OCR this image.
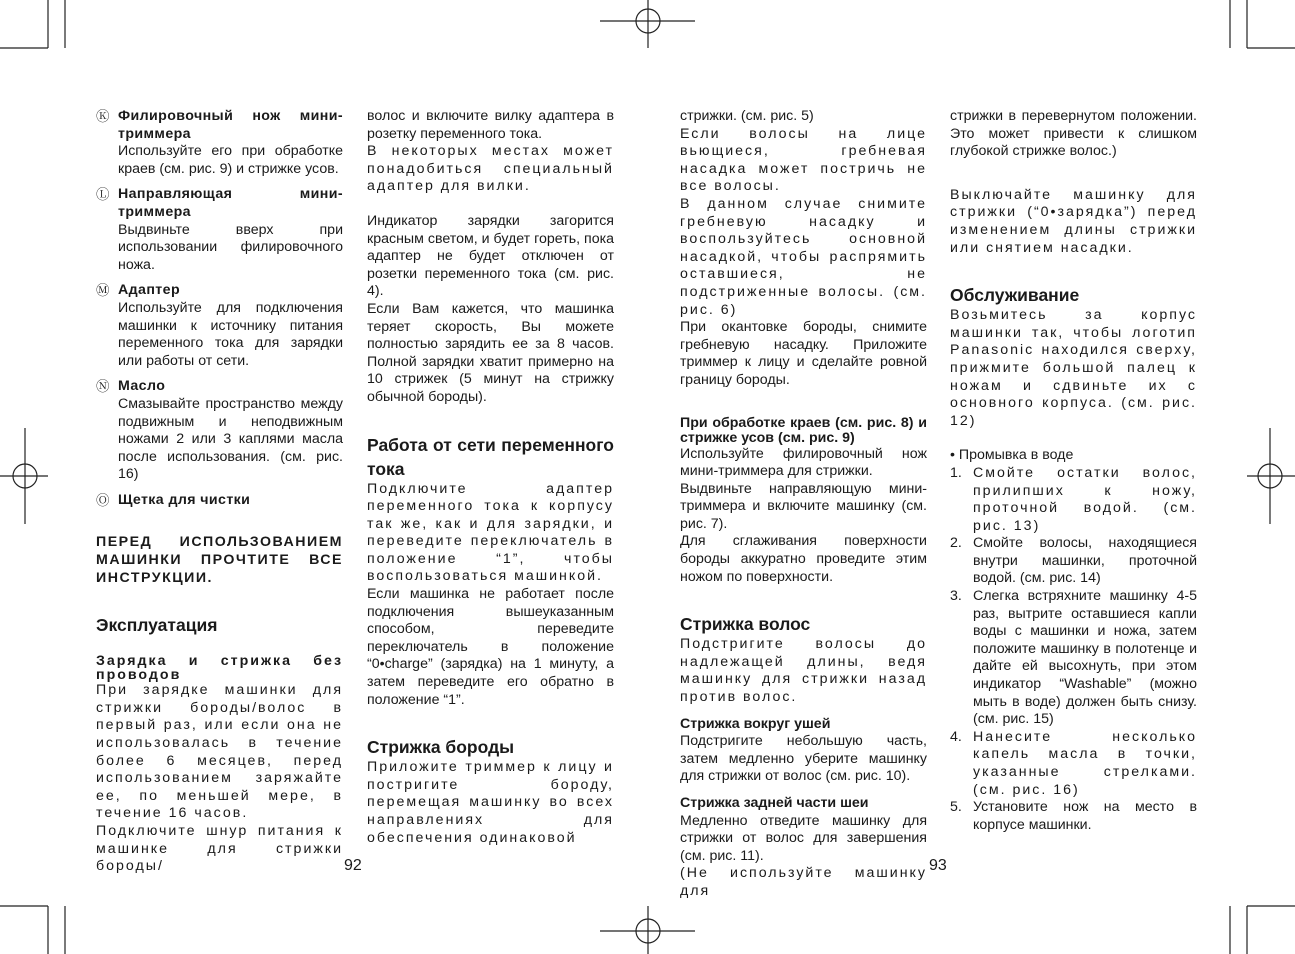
Ⓚ Филировочный нож мини-триммера

Используйте его при обработке краев (см. рис. 9) и стрижке усов.

Ⓛ Направляющая мини-триммера

Выдвиньте вверх при использовании филировочного ножа.

Ⓜ Адаптер

Используйте для подключения машинки к источнику питания переменного тока для зарядки или работы от сети.

Ⓝ Масло

Смазывайте пространство между подвижным и неподвижным ножами 2 или 3 каплями масла после использования. (см. рис. 16)

Ⓞ Щетка для чистки

ПЕРЕД ИСПОЛЬЗОВАНИЕМ МАШИНКИ ПРОЧТИТЕ ВСЕ ИНСТРУКЦИИ.

Эксплуатация

Зарядка и стрижка без проводов

При зарядке машинки для стрижки бороды/волос в первый раз, или если она не использовалась в течение более 6 месяцев, перед использованием заряжайте ее, по меньшей мере, в течение 16 часов.

Подключите шнур питания к машинке для стрижки бороды/

волос и включите вилку адаптера в розетку переменного тока.

В некоторых местах может понадобиться специальный адаптер для вилки.

Индикатор зарядки загорится красным светом, и будет гореть, пока адаптер не будет отключен от розетки переменного тока (см. рис. 4).

Если Вам кажется, что машинка теряет скорость, Вы можете полностью зарядить ее за 8 часов. Полной зарядки хватит примерно на 10 стрижек (5 минут на стрижку обычной бороды).

Работа от сети переменного тока

Подключите адаптер переменного тока к корпусу так же, как и для зарядки, и переведите переключатель в положение “1”, чтобы воспользоваться машинкой.

Если машинка не работает после подключения вышеуказанным способом, переведите переключатель в положение “0•charge” (зарядка) на 1 минуту, а затем переведите его обратно в положение “1”.

Стрижка бороды

Приложите триммер к лицу и постригите бороду, перемещая машинку во всех направлениях для обеспечения одинаковой

стрижки. (см. рис. 5)

Если волосы на лице вьющиеся, гребневая насадка может постричь не все волосы.

В данном случае снимите гребневую насадку и воспользуйтесь основной насадкой, чтобы распрямить оставшиеся, не подстриженные волосы. (см. рис. 6)

При окантовке бороды, снимите гребневую насадку. Приложите триммер к лицу и сделайте ровной границу бороды.

При обработке краев (см. рис. 8) и стрижке усов (см. рис. 9)

Используйте филировочный нож мини-триммера для стрижки.

Выдвиньте направляющую мини-триммера и включите машинку (см. рис. 7).

Для сглаживания поверхности бороды аккуратно проведите этим ножом по поверхности.

Стрижка волос

Подстригите волосы до надлежащей длины, ведя машинку для стрижки назад против волос.

Стрижка вокруг ушей

Подстригите небольшую часть, затем медленно уберите машинку для стрижки от волос (см. рис. 10).

Стрижка задней части шеи

Медленно отведите машинку для стрижки от волос для завершения (см. рис. 11).

(Не используйте машинку для

стрижки в перевернутом положении. Это может привести к слишком глубокой стрижке волос.)

Выключайте машинку для стрижки (“0•зарядка”) перед изменением длины стрижки или снятием насадки.

Обслуживание

Возьмитесь за корпус машинки так, чтобы логотип Panasonic находился сверху, прижмите большой палец к ножам и сдвиньте их с основного корпуса. (см. рис. 12)

• Промывка в воде

1. Смойте остатки волос, прилипших к ножу, проточной водой. (см. рис. 13)

2. Смойте волосы, находящиеся внутри машинки, проточной водой. (см. рис. 14)

3. Слегка встряхните машинку 4-5 раз, вытрите оставшиеся капли воды с машинки и ножа, затем положите машинку в полотенце и дайте ей высохнуть, при этом индикатор “Washable” (можно мыть в воде) должен быть снизу. (см. рис. 15)

4. Нанесите несколько капель масла в точки, указанные стрелками. (см. рис. 16)

5. Установите нож на место в корпусе машинки.

92	93
